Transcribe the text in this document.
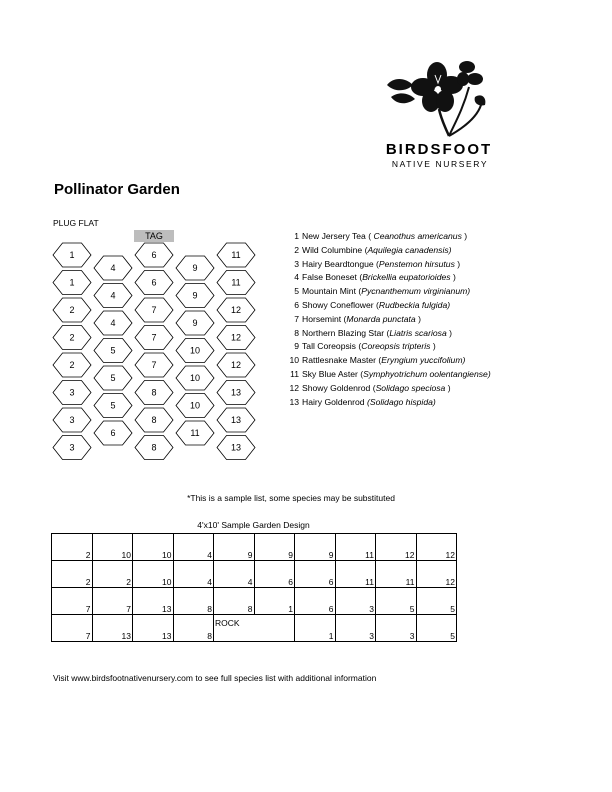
BIRDSFOOT
NATIVE NURSERY
Pollinator Garden
PLUG FLAT
TAG
1
1
2
2
2
3
3
3
4
4
4
5
5
5
6
6
6
7
7
7
8
8
8
9
9
9
10
10
10
11
11
11
12
12
12
13
13
13
1 New Jersery Tea ( Ceanothus americanus )
2 Wild Columbine (Aquilegia canadensis)
3 Hairy Beardtongue (Penstemon hirsutus )
4 False Boneset (Brickellia eupatorioides )
5 Mountain Mint (Pycnanthemum virginianum)
6 Showy Coneflower (Rudbeckia fulgida)
7 Horsemint (Monarda punctata )
8 Northern Blazing Star (Liatris scariosa )
9 Tall Coreopsis (Coreopsis tripteris )
10 Rattlesnake Master (Eryngium yuccifolium)
11 Sky Blue Aster (Symphyotrichum oolentangiense)
12 Showy Goldenrod (Solidago speciosa )
13 Hairy Goldenrod (Solidago hispida)
*This is a sample list, some species may be substituted
4'x10' Sample Garden Design
2	10	10	4	9	9	9	11	12	12
2	2	10	4	4	6	6	11	11	12
7	7	13	8	8	1	6	3	5	5
7	13	13	8	ROCK		1	3	3	5
Visit www.birdsfootnativenursery.com to see full species list with additional information
